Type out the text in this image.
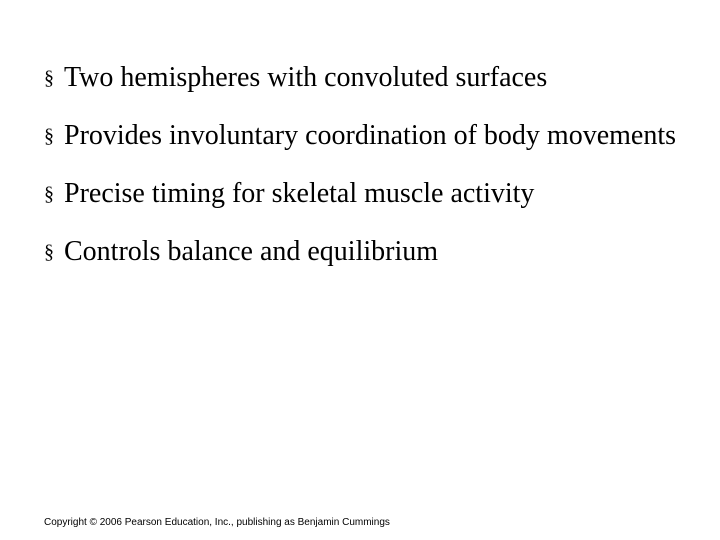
§ Two hemispheres with convoluted surfaces
§ Provides involuntary coordination of body movements
§ Precise timing for skeletal muscle activity
§ Controls balance and equilibrium
Copyright © 2006 Pearson Education, Inc., publishing as Benjamin Cummings
